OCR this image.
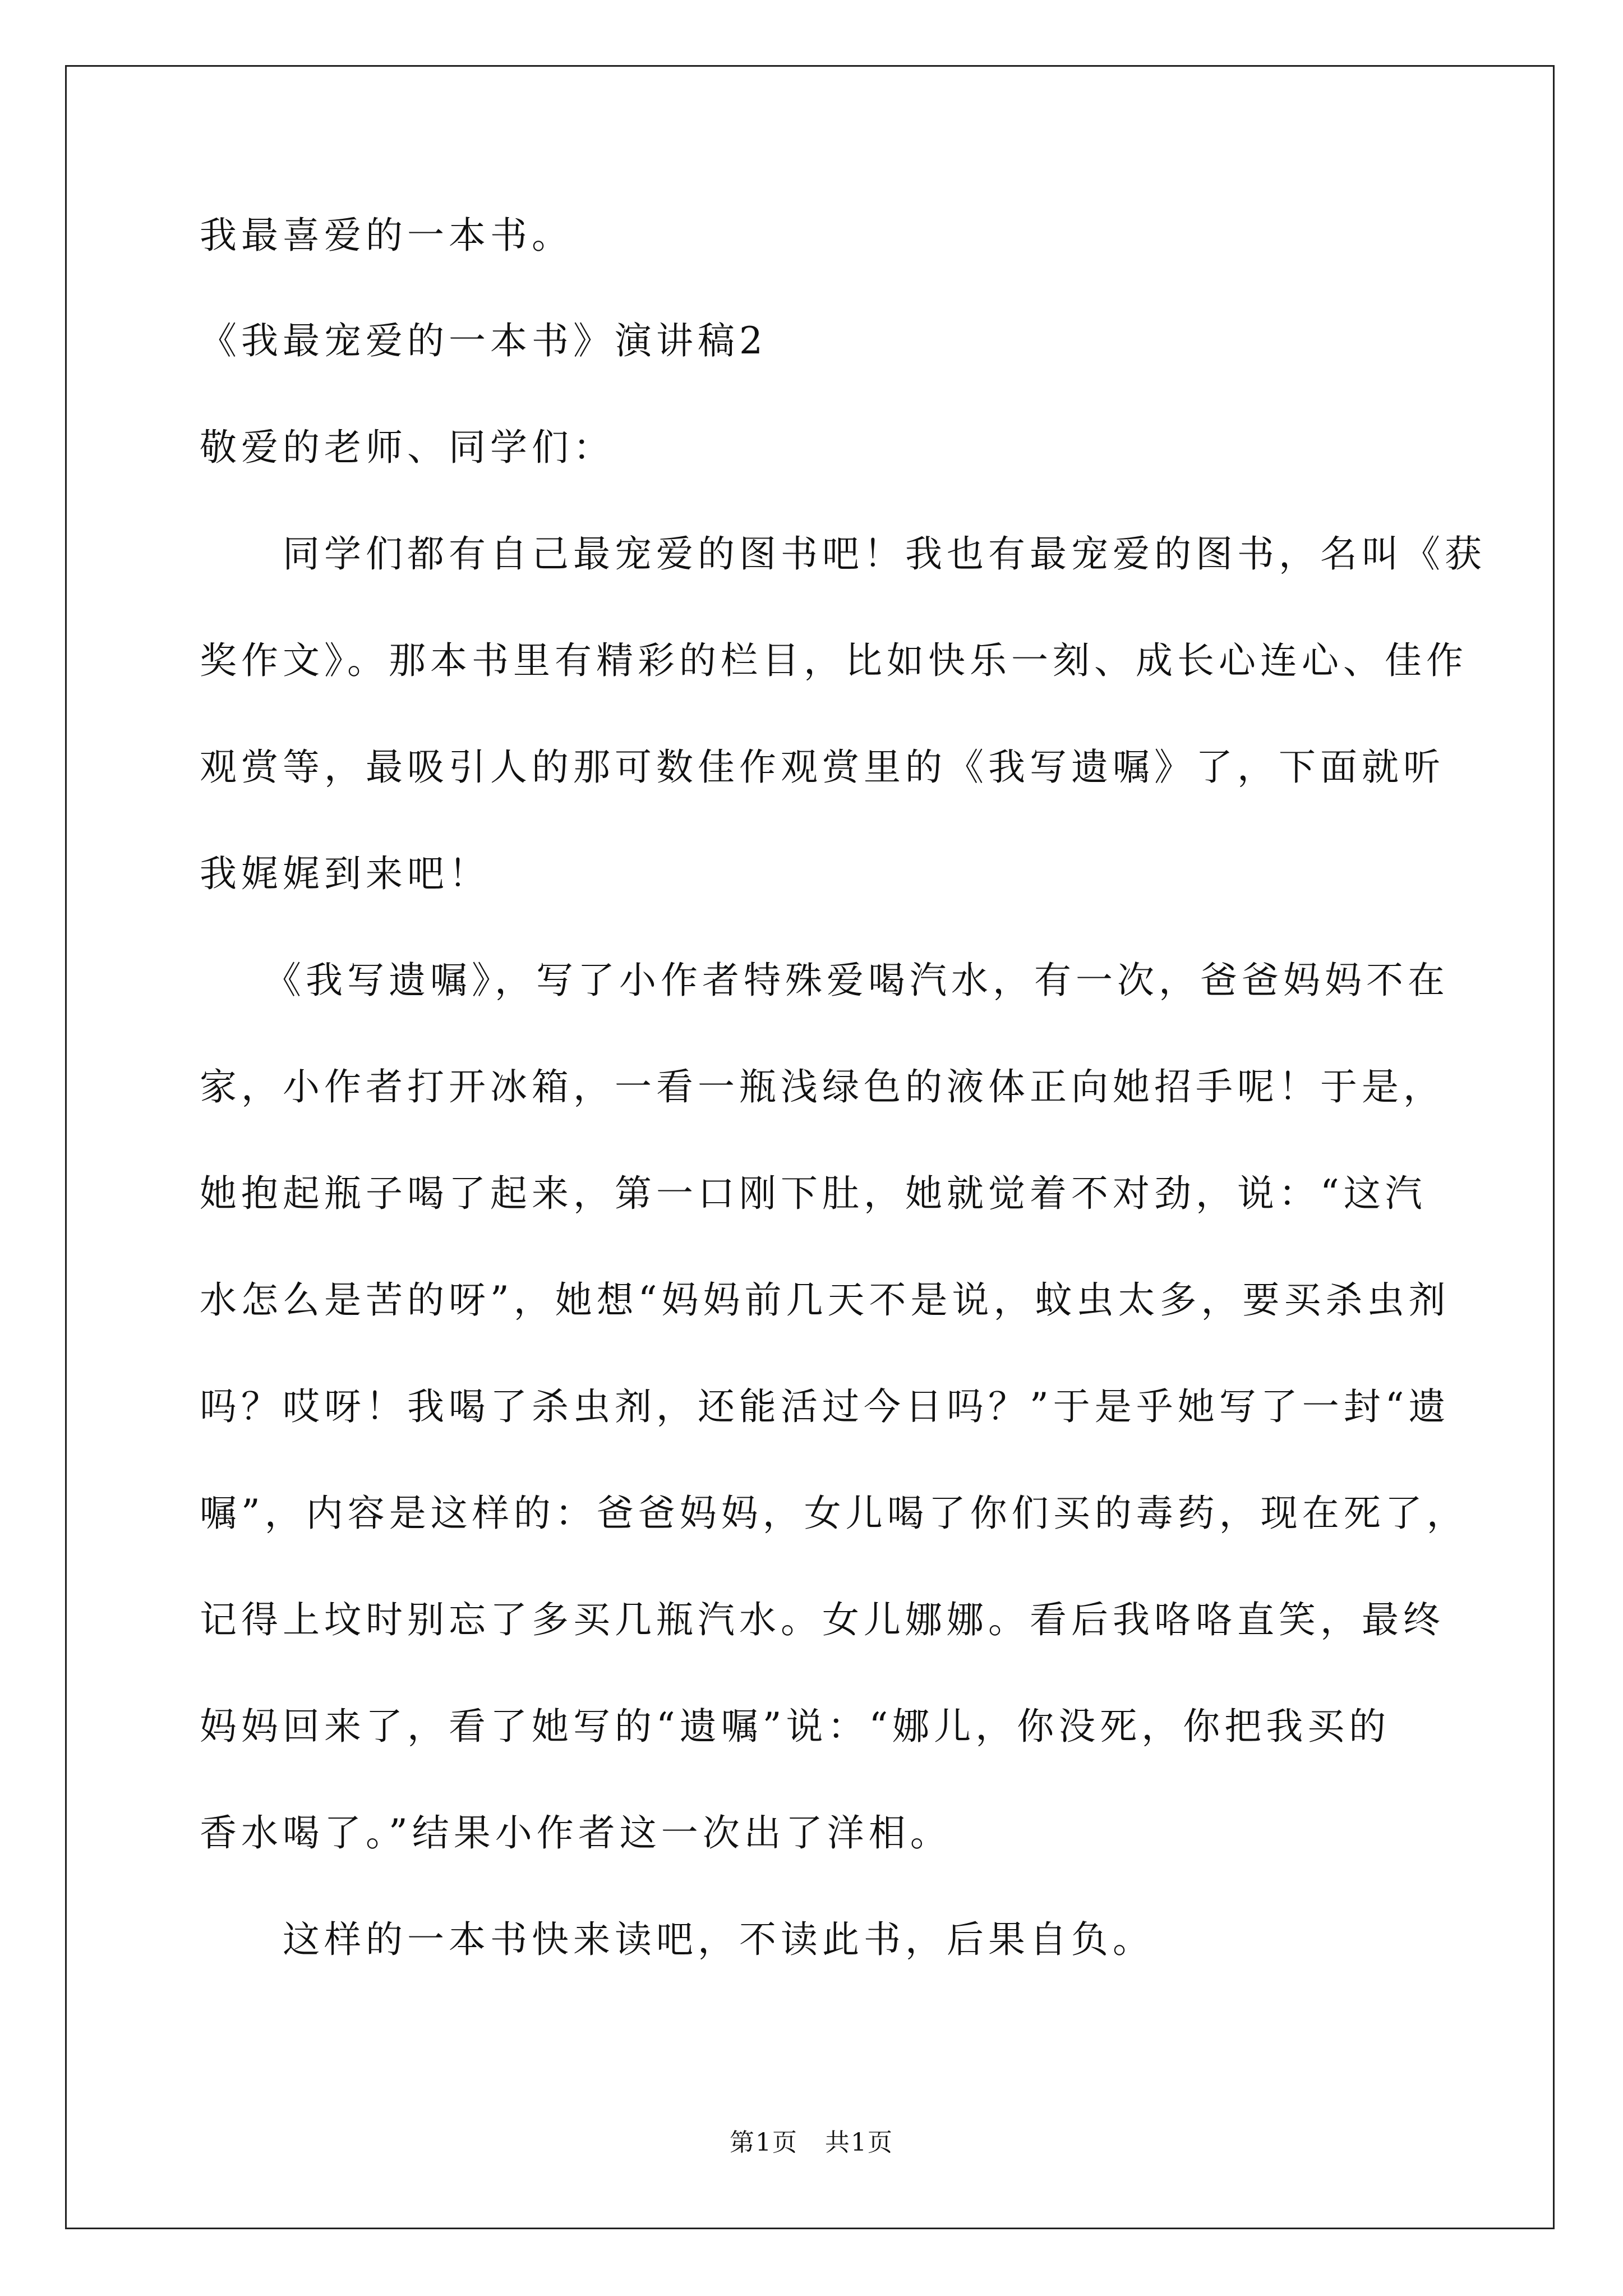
我最喜爱的一本书。
《我最宠爱的一本书》演讲稿2
敬爱的老师、同学们：
　　同学们都有自己最宠爱的图书吧！我也有最宠爱的图书，名叫《获
奖作文》。那本书里有精彩的栏目，比如快乐一刻、成长心连心、佳作
观赏等，最吸引人的那可数佳作观赏里的《我写遗嘱》了，下面就听
我娓娓到来吧！
　　《我写遗嘱》，写了小作者特殊爱喝汽水，有一次，爸爸妈妈不在
家，小作者打开冰箱，一看一瓶浅绿色的液体正向她招手呢！于是，
她抱起瓶子喝了起来，第一口刚下肚，她就觉着不对劲，说：“这汽
水怎么是苦的呀”，她想“妈妈前几天不是说，蚊虫太多，要买杀虫剂
吗？哎呀！我喝了杀虫剂，还能活过今日吗？”于是乎她写了一封“遗
嘱”，内容是这样的：爸爸妈妈，女儿喝了你们买的毒药，现在死了，
记得上坟时别忘了多买几瓶汽水。女儿娜娜。看后我咯咯直笑，最终
妈妈回来了，看了她写的“遗嘱”说：“娜儿，你没死，你把我买的
香水喝了。”结果小作者这一次出了洋相。
　　这样的一本书快来读吧，不读此书，后果自负。
第1页 共1页
